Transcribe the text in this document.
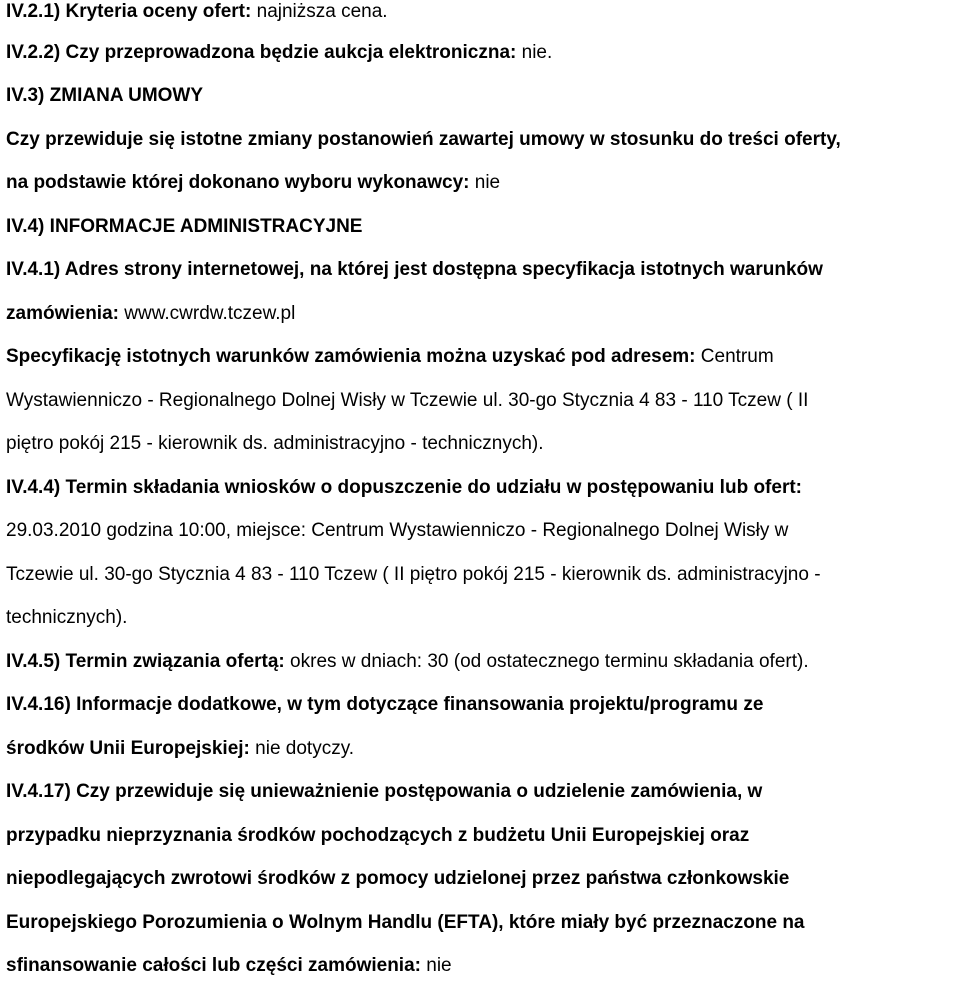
IV.2.1) Kryteria oceny ofert: najniższa cena.
IV.2.2) Czy przeprowadzona będzie aukcja elektroniczna: nie.
IV.3) ZMIANA UMOWY
Czy przewiduje się istotne zmiany postanowień zawartej umowy w stosunku do treści oferty,
na podstawie której dokonano wyboru wykonawcy: nie
IV.4) INFORMACJE ADMINISTRACYJNE
IV.4.1) Adres strony internetowej, na której jest dostępna specyfikacja istotnych warunków
zamówienia: www.cwrdw.tczew.pl
Specyfikację istotnych warunków zamówienia można uzyskać pod adresem: Centrum
Wystawienniczo - Regionalnego Dolnej Wisły w Tczewie ul. 30-go Stycznia 4 83 - 110 Tczew ( II
piętro pokój 215 - kierownik ds. administracyjno - technicznych).
IV.4.4) Termin składania wniosków o dopuszczenie do udziału w postępowaniu lub ofert:
29.03.2010 godzina 10:00, miejsce: Centrum Wystawienniczo - Regionalnego Dolnej Wisły w
Tczewie ul. 30-go Stycznia 4 83 - 110 Tczew ( II piętro pokój 215 - kierownik ds. administracyjno -
technicznych).
IV.4.5) Termin związania ofertą: okres w dniach: 30 (od ostatecznego terminu składania ofert).
IV.4.16) Informacje dodatkowe, w tym dotyczące finansowania projektu/programu ze
środków Unii Europejskiej: nie dotyczy.
IV.4.17) Czy przewiduje się unieważnienie postępowania o udzielenie zamówienia, w
przypadku nieprzyznania środków pochodzących z budżetu Unii Europejskiej oraz
niepodlegających zwrotowi środków z pomocy udzielonej przez państwa członkowskie
Europejskiego Porozumienia o Wolnym Handlu (EFTA), które miały być przeznaczone na
sfinansowanie całości lub części zamówienia: nie
